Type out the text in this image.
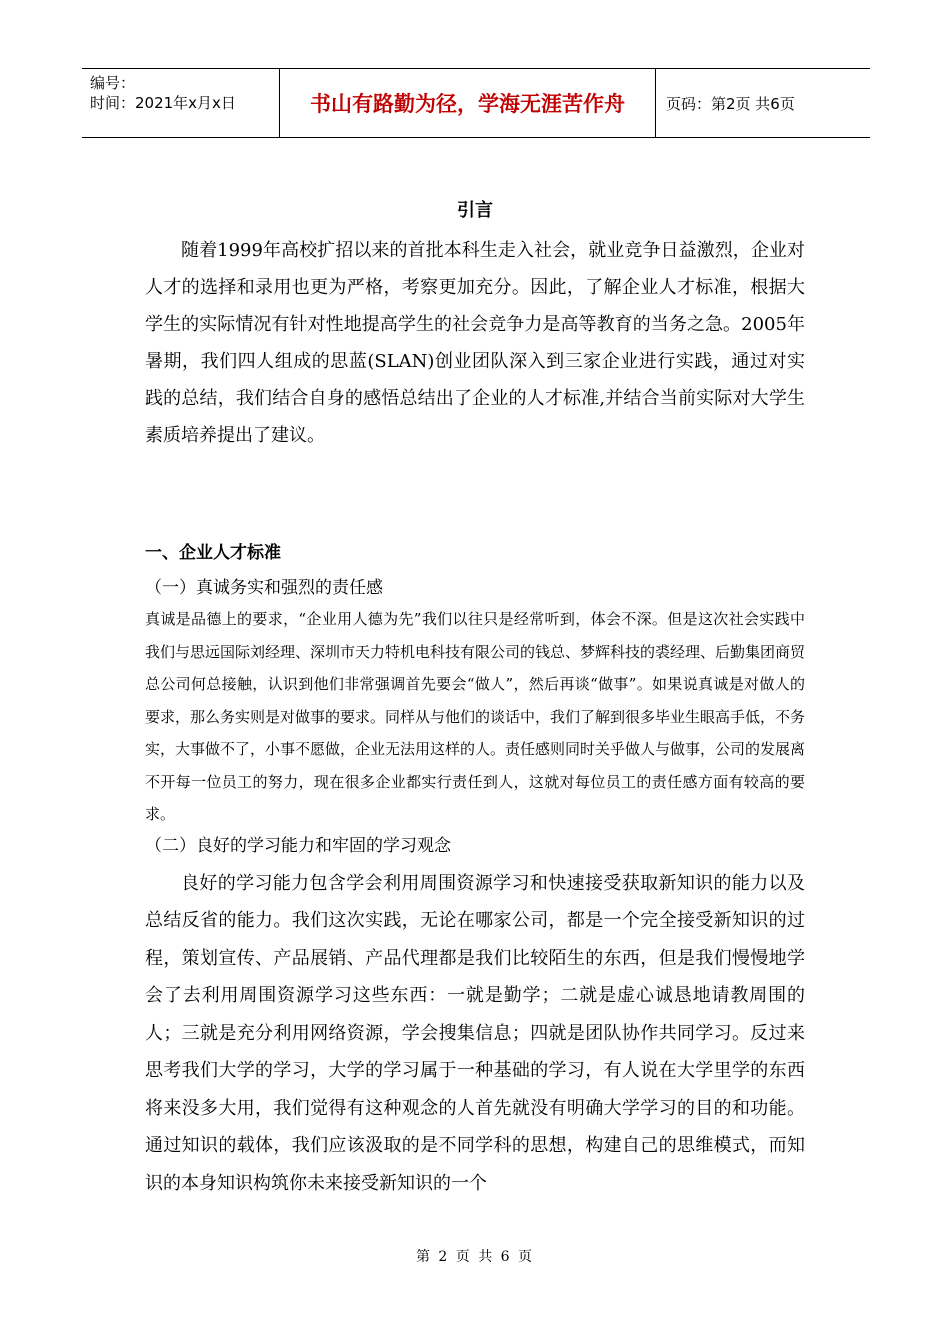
编号：
时间：2021年x月x日	书山有路勤为径，学海无涯苦作舟	页码：第2页 共6页
引言

随着1999年高校扩招以来的首批本科生走入社会，就业竞争日益激烈，企业对人才的选择和录用也更为严格，考察更加充分。因此，了解企业人才标准，根据大学生的实际情况有针对性地提高学生的社会竞争力是高等教育的当务之急。2005年暑期，我们四人组成的思蓝(SLAN)创业团队深入到三家企业进行实践，通过对实践的总结，我们结合自身的感悟总结出了企业的人才标准,并结合当前实际对大学生素质培养提出了建议。

一、企业人才标准

（一）真诚务实和强烈的责任感

真诚是品德上的要求，“企业用人德为先”我们以往只是经常听到，体会不深。但是这次社会实践中我们与思远国际刘经理、深圳市天力特机电科技有限公司的钱总、梦辉科技的裘经理、后勤集团商贸总公司何总接触，认识到他们非常强调首先要会“做人”，然后再谈“做事”。如果说真诚是对做人的要求，那么务实则是对做事的要求。同样从与他们的谈话中，我们了解到很多毕业生眼高手低，不务实，大事做不了，小事不愿做，企业无法用这样的人。责任感则同时关乎做人与做事，公司的发展离不开每一位员工的努力，现在很多企业都实行责任到人，这就对每位员工的责任感方面有较高的要求。

（二）良好的学习能力和牢固的学习观念

良好的学习能力包含学会利用周围资源学习和快速接受获取新知识的能力以及总结反省的能力。我们这次实践，无论在哪家公司，都是一个完全接受新知识的过程，策划宣传、产品展销、产品代理都是我们比较陌生的东西，但是我们慢慢地学会了去利用周围资源学习这些东西：一就是勤学；二就是虚心诚恳地请教周围的人；三就是充分利用网络资源，学会搜集信息；四就是团队协作共同学习。反过来思考我们大学的学习，大学的学习属于一种基础的学习，有人说在大学里学的东西将来没多大用，我们觉得有这种观念的人首先就没有明确大学学习的目的和功能。通过知识的载体，我们应该汲取的是不同学科的思想，构建自己的思维模式，而知识的本身知识构筑你未来接受新知识的一个

第 2 页 共 6 页
